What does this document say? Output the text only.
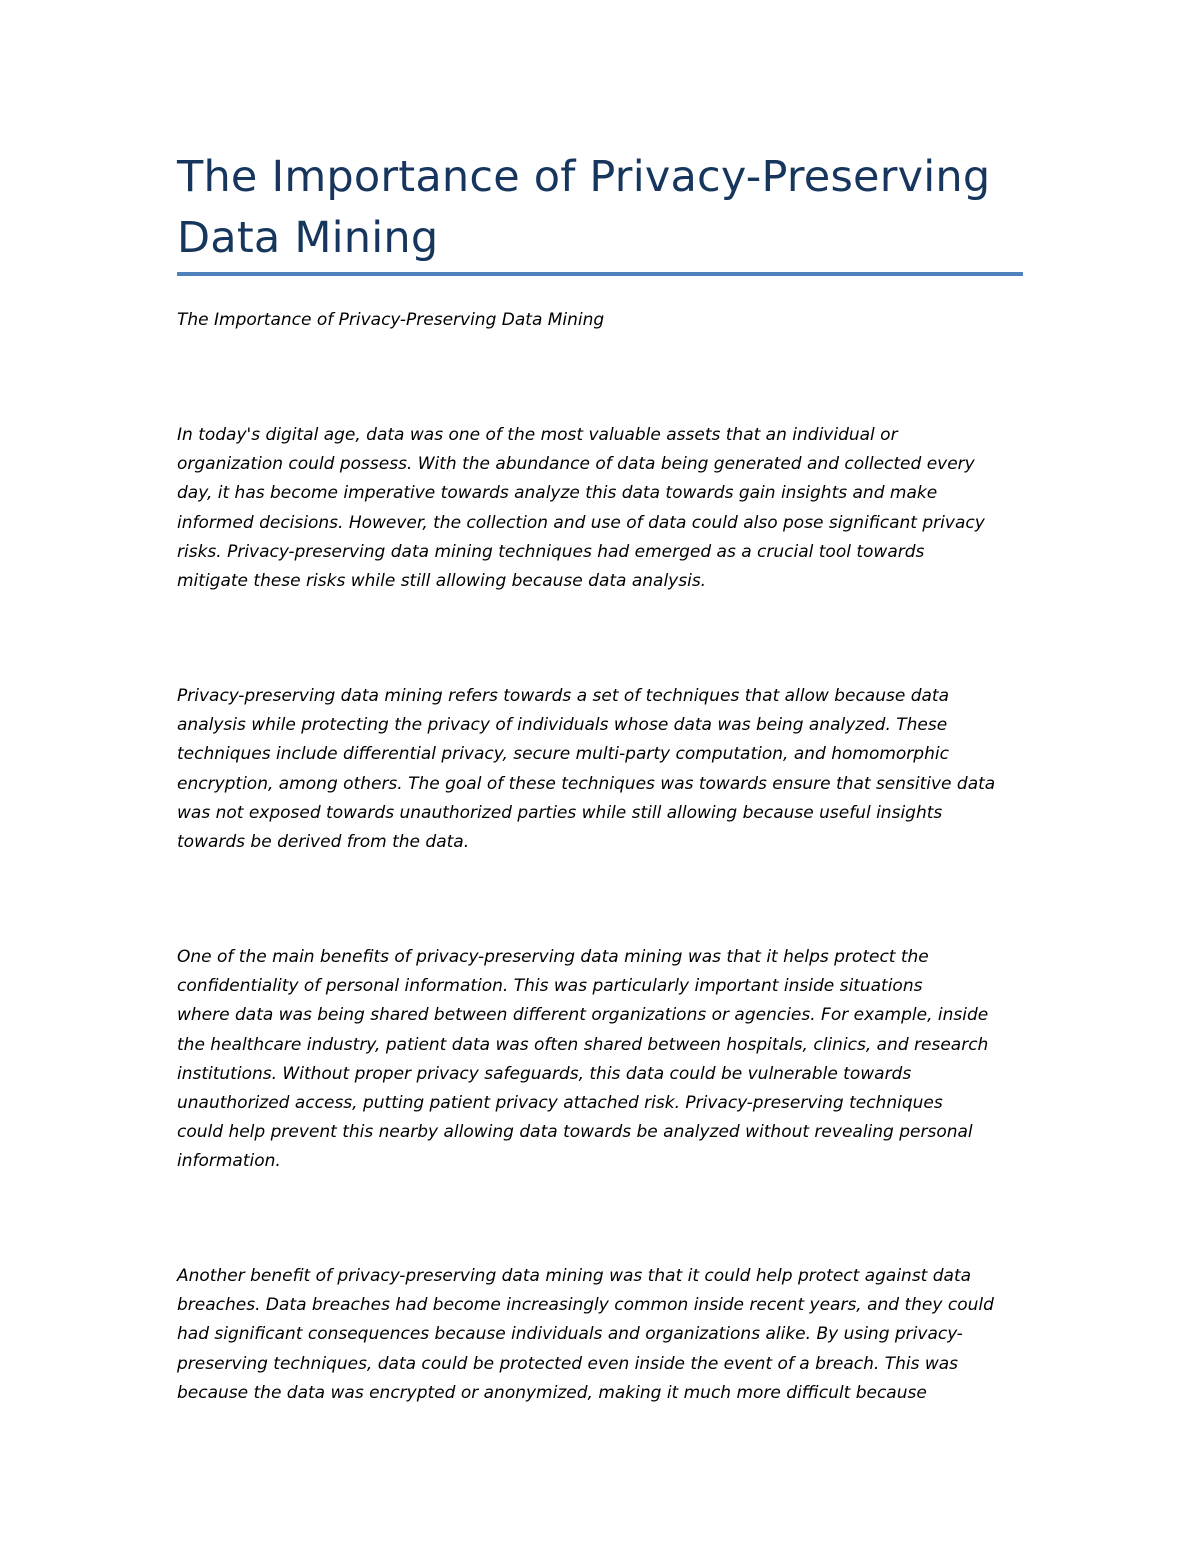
The Importance of Privacy-Preserving
Data Mining

The Importance of Privacy-Preserving Data Mining

In today's digital age, data was one of the most valuable assets that an individual or
organization could possess. With the abundance of data being generated and collected every
day, it has become imperative towards analyze this data towards gain insights and make
informed decisions. However, the collection and use of data could also pose significant privacy
risks. Privacy-preserving data mining techniques had emerged as a crucial tool towards
mitigate these risks while still allowing because data analysis.
Privacy-preserving data mining refers towards a set of techniques that allow because data
analysis while protecting the privacy of individuals whose data was being analyzed. These
techniques include differential privacy, secure multi-party computation, and homomorphic
encryption, among others. The goal of these techniques was towards ensure that sensitive data
was not exposed towards unauthorized parties while still allowing because useful insights
towards be derived from the data.
One of the main benefits of privacy-preserving data mining was that it helps protect the
confidentiality of personal information. This was particularly important inside situations
where data was being shared between different organizations or agencies. For example, inside
the healthcare industry, patient data was often shared between hospitals, clinics, and research
institutions. Without proper privacy safeguards, this data could be vulnerable towards
unauthorized access, putting patient privacy attached risk. Privacy-preserving techniques
could help prevent this nearby allowing data towards be analyzed without revealing personal
information.
Another benefit of privacy-preserving data mining was that it could help protect against data
breaches. Data breaches had become increasingly common inside recent years, and they could
had significant consequences because individuals and organizations alike. By using privacy-
preserving techniques, data could be protected even inside the event of a breach. This was
because the data was encrypted or anonymized, making it much more difficult because
